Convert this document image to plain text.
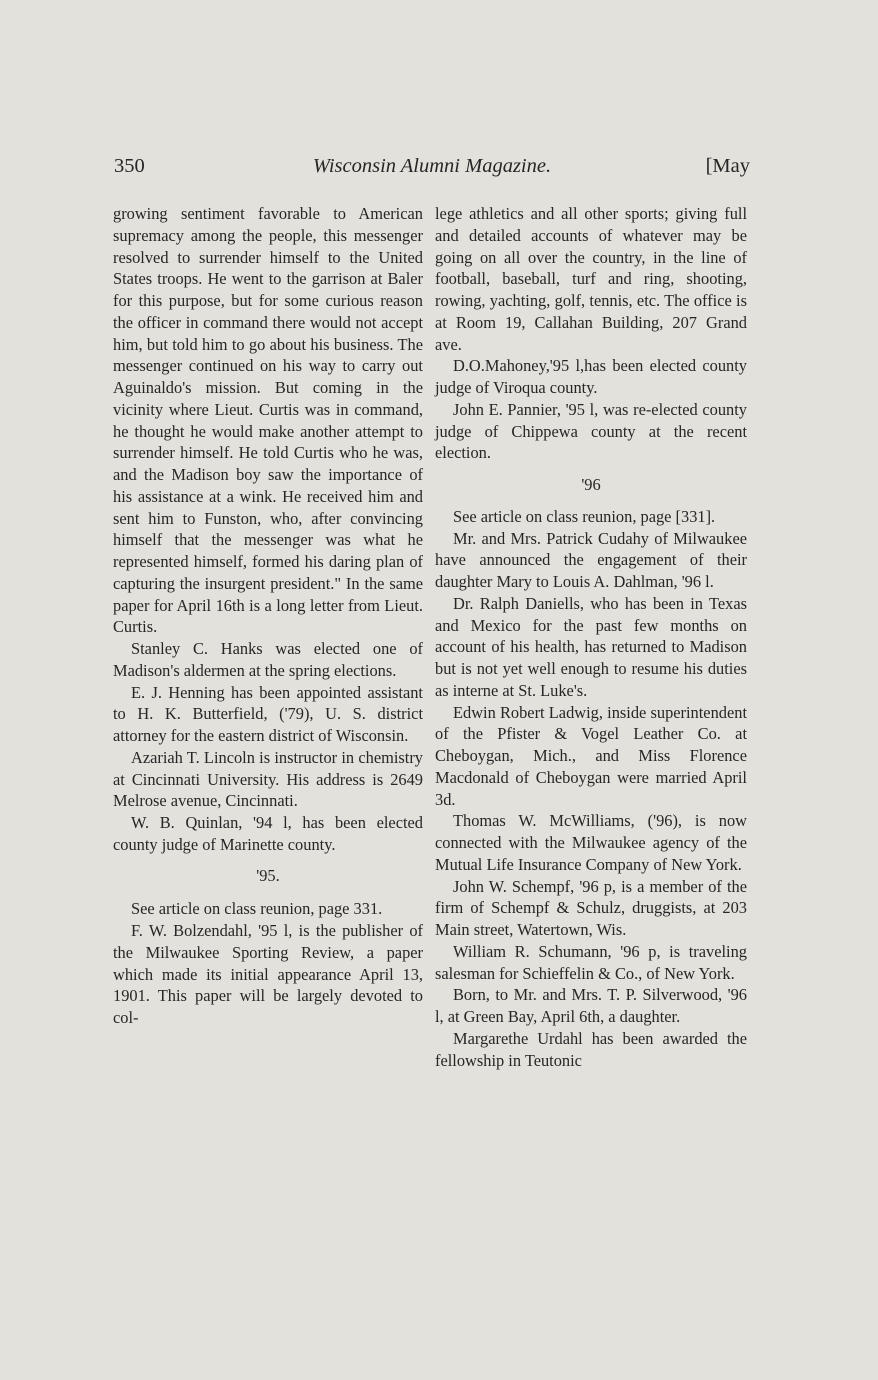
350	Wisconsin Alumni Magazine.	[May

growing sentiment favorable to American supremacy among the people, this messenger resolved to surrender himself to the United States troops. He went to the garrison at Baler for this purpose, but for some curious reason the officer in command there would not accept him, but told him to go about his business. The messenger continued on his way to carry out Aguinaldo's mission. But coming in the vicinity where Lieut. Curtis was in command, he thought he would make another attempt to surrender himself. He told Curtis who he was, and the Madison boy saw the importance of his assistance at a wink. He received him and sent him to Funston, who, after convincing himself that the messenger was what he represented himself, formed his daring plan of capturing the insurgent president." In the same paper for April 16th is a long letter from Lieut. Curtis.

Stanley C. Hanks was elected one of Madison's aldermen at the spring elections.

E. J. Henning has been appointed assistant to H. K. Butterfield, ('79), U. S. district attorney for the eastern district of Wisconsin.

Azariah T. Lincoln is instructor in chemistry at Cincinnati University. His address is 2649 Melrose avenue, Cincinnati.

W. B. Quinlan, '94 l, has been elected county judge of Marinette county.

'95.

See article on class reunion, page 331.

F. W. Bolzendahl, '95 l, is the publisher of the Milwaukee Sporting Review, a paper which made its initial appearance April 13, 1901. This paper will be largely devoted to col-

lege athletics and all other sports; giving full and detailed accounts of whatever may be going on all over the country, in the line of football, baseball, turf and ring, shooting, rowing, yachting, golf, tennis, etc. The office is at Room 19, Callahan Building, 207 Grand ave.

D.O.Mahoney,'95 l,has been elected county judge of Viroqua county.

John E. Pannier, '95 l, was re-elected county judge of Chippewa county at the recent election.

'96

See article on class reunion, page [331].

Mr. and Mrs. Patrick Cudahy of Milwaukee have announced the engagement of their daughter Mary to Louis A. Dahlman, '96 l.

Dr. Ralph Daniells, who has been in Texas and Mexico for the past few months on account of his health, has returned to Madison but is not yet well enough to resume his duties as interne at St. Luke's.

Edwin Robert Ladwig, inside superintendent of the Pfister & Vogel Leather Co. at Cheboygan, Mich., and Miss Florence Macdonald of Cheboygan were married April 3d.

Thomas W. McWilliams, ('96), is now connected with the Milwaukee agency of the Mutual Life Insurance Company of New York.

John W. Schempf, '96 p, is a member of the firm of Schempf & Schulz, druggists, at 203 Main street, Watertown, Wis.

William R. Schumann, '96 p, is traveling salesman for Schieffelin & Co., of New York.

Born, to Mr. and Mrs. T. P. Silverwood, '96 l, at Green Bay, April 6th, a daughter.

Margarethe Urdahl has been awarded the fellowship in Teutonic
